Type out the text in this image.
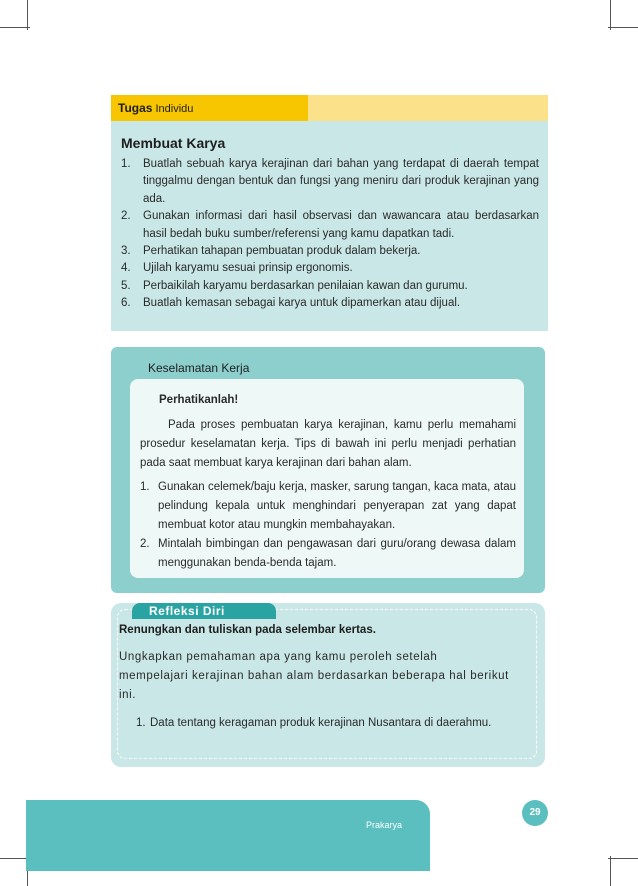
Tugas Individu
Membuat Karya
1. Buatlah sebuah karya kerajinan dari bahan yang terdapat di daerah tempat tinggalmu dengan bentuk dan fungsi yang meniru dari produk kerajinan yang ada.
2. Gunakan informasi dari hasil observasi dan wawancara atau berdasarkan hasil bedah buku sumber/referensi yang kamu dapatkan tadi.
3. Perhatikan tahapan pembuatan produk dalam bekerja.
4. Ujilah karyamu sesuai prinsip ergonomis.
5. Perbaikilah karyamu berdasarkan penilaian kawan dan gurumu.
6. Buatlah kemasan sebagai karya untuk dipamerkan atau dijual.
Keselamatan Kerja
Perhatikanlah!

Pada proses pembuatan karya kerajinan, kamu perlu memahami prosedur keselamatan kerja. Tips di bawah ini perlu menjadi perhatian pada saat membuat karya kerajinan dari bahan alam.

1. Gunakan celemek/baju kerja, masker, sarung tangan, kaca mata, atau pelindung kepala untuk menghindari penyerapan zat yang dapat membuat kotor atau mungkin membahayakan.
2. Mintalah bimbingan dan pengawasan dari guru/orang dewasa dalam menggunakan benda-benda tajam.
Refleksi Diri
Renungkan dan tuliskan pada selembar kertas.

Ungkapkan pemahaman apa yang kamu peroleh setelah mempelajari kerajinan bahan alam berdasarkan beberapa hal berikut ini.

1. Data tentang keragaman produk kerajinan Nusantara di daerahmu.
Prakarya
29
